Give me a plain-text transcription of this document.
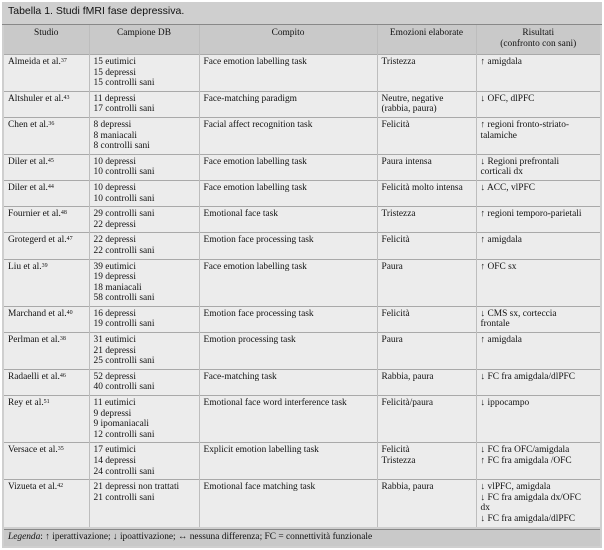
Tabella 1. Studi fMRI fase depressiva.
Studio	Campione DB	Compito	Emozioni elaborate	Risultati
(confronto con sani)

Almeida et al.$^{37}$	15 eutimici
15 depressi
15 controlli sani	Face emotion labelling task	Tristezza	↑ amigdala

Altshuler et al.$^{43}$	11 depressi
17 controlli sani	Face-matching paradigm	Neutre, negative
(rabbia, paura)	↓ OFC, dlPFC

Chen et al.$^{36}$	8 depressi
8 maniacali
8 controlli sani	Facial affect recognition task	Felicità	↑ regioni fronto-striato-
talamiche

Diler et al.$^{45}$	10 depressi
10 controlli sani	Face emotion labelling task	Paura intensa	↓ Regioni prefrontali
corticali dx

Diler et al.$^{44}$	10 depressi
10 controlli sani	Face emotion labelling task	Felicità molto intensa	↓ ACC, vlPFC

Fournier et al.$^{48}$	29 controlli sani
22 depressi	Emotional face task	Tristezza	↑ regioni temporo-parietali

Grotegerd et al.$^{47}$	22 depressi
22 controlli sani	Emotion face processing task	Felicità	↑ amigdala

Liu et al.$^{39}$	39 eutimici
19 depressi
18 maniacali
58 controlli sani	Face emotion labelling task	Paura	↑ OFC sx

Marchand et al.$^{40}$	16 depressi
19 controlli sani	Emotion face processing task	Felicità	↓ CMS sx, corteccia
frontale

Perlman et al.$^{38}$	31 eutimici
21 depressi
25 controlli sani	Emotion processing task	Paura	↑ amigdala

Radaelli et al.$^{46}$	52 depressi
40 controlli sani	Face-matching task	Rabbia, paura	↓ FC fra amigdala/dlPFC

Rey et al.$^{51}$	11 eutimici
9 depressi
9 ipomaniacali
12 controlli sani	Emotional face word interference task	Felicità/paura	↓ ippocampo

Versace et al.$^{35}$	17 eutimici
14 depressi
24 controlli sani	Explicit emotion labelling task	Felicità
Tristezza	↓ FC fra OFC/amigdala
↑ FC fra amigdala /OFC

Vizueta et al.$^{42}$	21 depressi non trattati
21 controlli sani	Emotional face matching task	Rabbia, paura	↓ vlPFC, amigdala
↓ FC fra amigdala dx/OFC
dx
↓ FC fra amigdala/dlPFC
Legenda: ↑ iperattivazione; ↓ ipoattivazione; ↔ nessuna differenza; FC = connettività funzionale
